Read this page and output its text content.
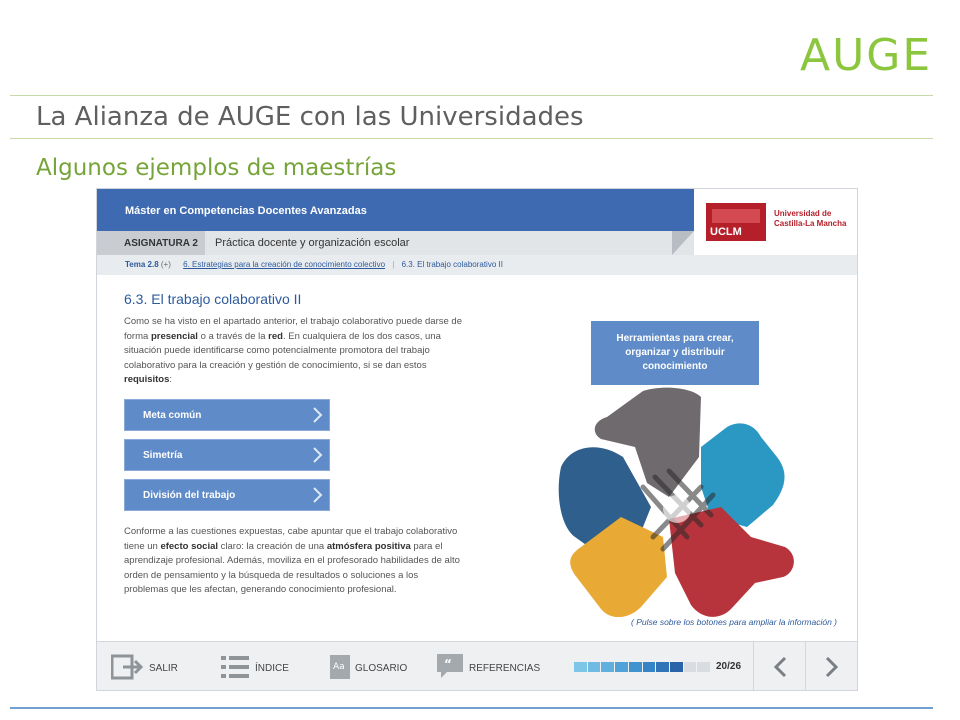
AUGE
La Alianza de AUGE con las Universidades
Algunos ejemplos de maestrías
Máster en Competencias Docentes Avanzadas
ASIGNATURA 2	Práctica docente y organización escolar
UCLM
Universidad de
Castilla-La Mancha
Tema 2.8 (+) 6. Estrategias para la creación de conocimiento colectivo | 6.3. El trabajo colaborativo II
6.3. El trabajo colaborativo II
Como se ha visto en el apartado anterior, el trabajo colaborativo puede darse de forma presencial o a través de la red. En cualquiera de los dos casos, una situación puede identificarse como potencialmente promotora del trabajo colaborativo para la creación y gestión de conocimiento, si se dan estos requisitos:
Meta común
Simetría
División del trabajo
Conforme a las cuestiones expuestas, cabe apuntar que el trabajo colaborativo tiene un efecto social claro: la creación de una atmósfera positiva para el aprendizaje profesional. Además, moviliza en el profesorado habilidades de alto orden de pensamiento y la búsqueda de resultados o soluciones a los problemas que les afectan, generando conocimiento profesional.
Herramientas para crear, organizar y distribuir conocimiento
( Pulse sobre los botones para ampliar la información )
SALIR	ÍNDICE	Aa GLOSARIO	“ REFERENCIAS	20/26
